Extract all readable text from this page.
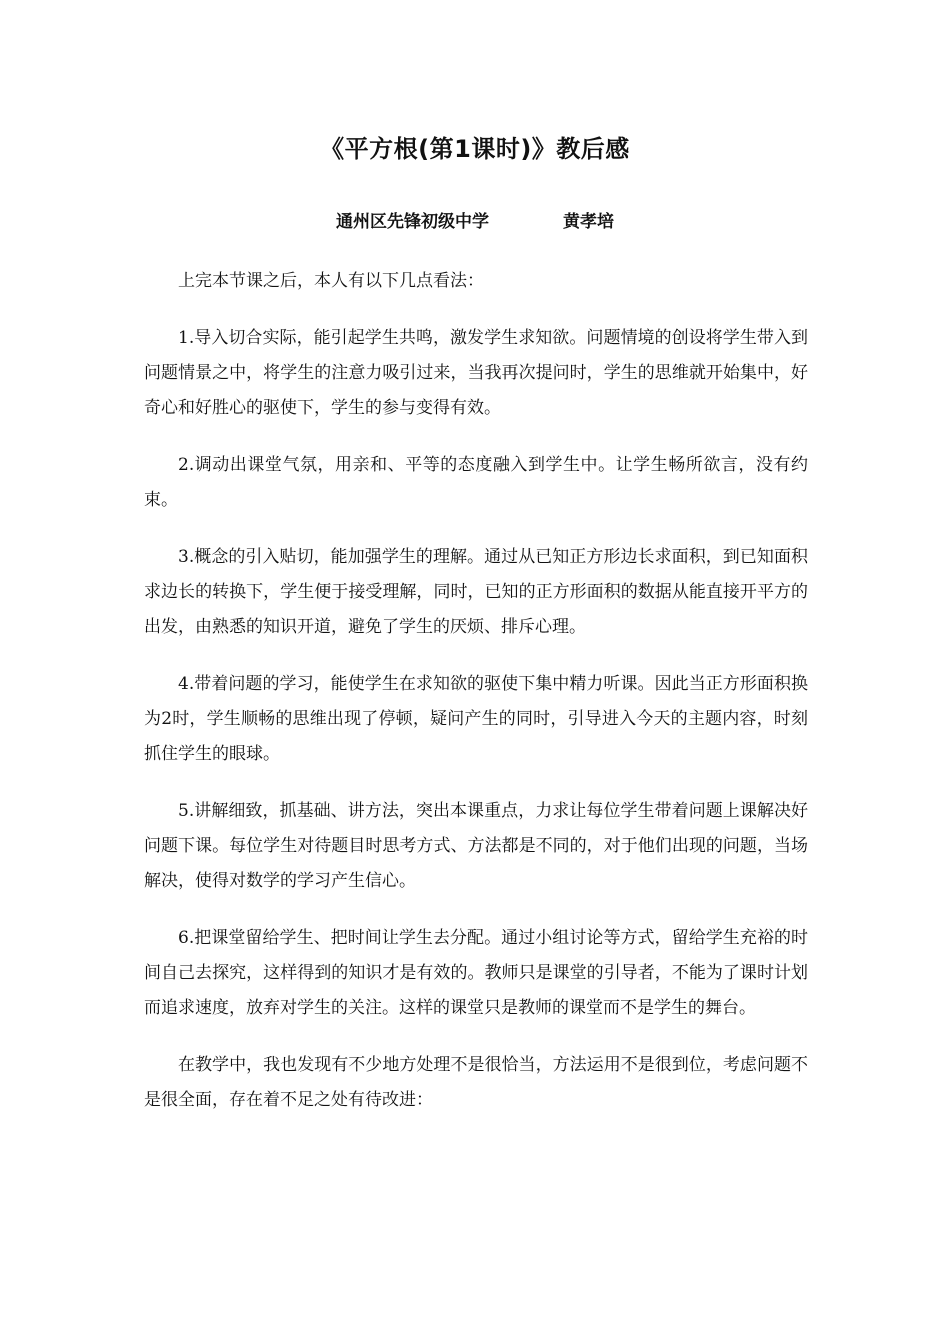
《平方根(第1课时)》教后感
通州区先锋初级中学	黄孝培

上完本节课之后，本人有以下几点看法：

1.导入切合实际，能引起学生共鸣，激发学生求知欲。问题情境的创设将学生带入到问题情景之中，将学生的注意力吸引过来，当我再次提问时，学生的思维就开始集中，好奇心和好胜心的驱使下，学生的参与变得有效。

2.调动出课堂气氛，用亲和、平等的态度融入到学生中。让学生畅所欲言，没有约束。

3.概念的引入贴切，能加强学生的理解。通过从已知正方形边长求面积，到已知面积求边长的转换下，学生便于接受理解，同时，已知的正方形面积的数据从能直接开平方的出发，由熟悉的知识开道，避免了学生的厌烦、排斥心理。

4.带着问题的学习，能使学生在求知欲的驱使下集中精力听课。因此当正方形面积换为2时，学生顺畅的思维出现了停顿，疑问产生的同时，引导进入今天的主题内容，时刻抓住学生的眼球。

5.讲解细致，抓基础、讲方法，突出本课重点，力求让每位学生带着问题上课解决好问题下课。每位学生对待题目时思考方式、方法都是不同的，对于他们出现的问题，当场解决，使得对数学的学习产生信心。

6.把课堂留给学生、把时间让学生去分配。通过小组讨论等方式，留给学生充裕的时间自己去探究，这样得到的知识才是有效的。教师只是课堂的引导者，不能为了课时计划而追求速度，放弃对学生的关注。这样的课堂只是教师的课堂而不是学生的舞台。

在教学中，我也发现有不少地方处理不是很恰当，方法运用不是很到位，考虑问题不是很全面，存在着不足之处有待改进：
